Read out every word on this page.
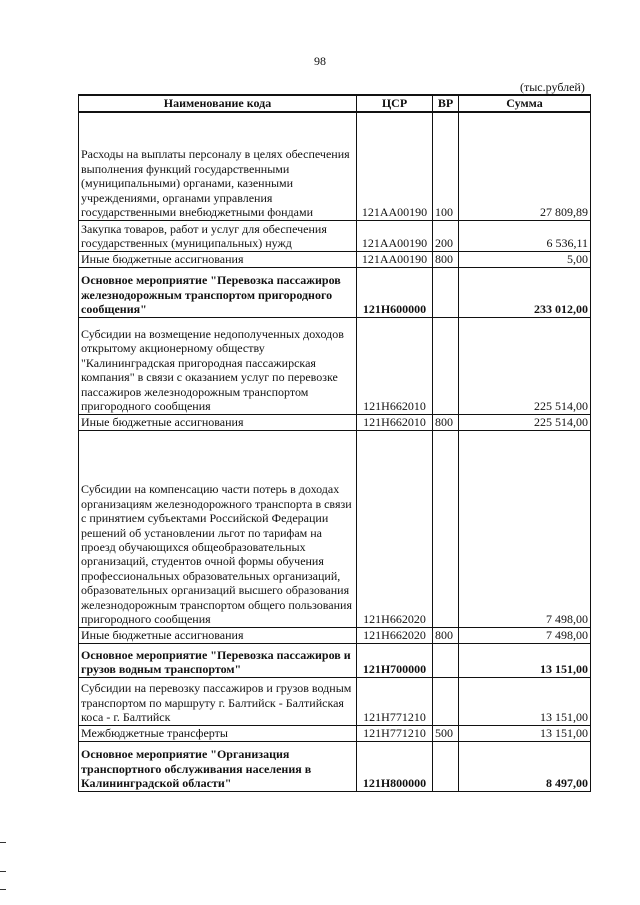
98
(тыс.рублей)
Наименование кода	ЦСР	ВР	Сумма
Расходы на выплаты персоналу в целях обеспечения выполнения функций государственными (муниципальными) органами, казенными учреждениями, органами управления государственными внебюджетными фондами	121АА00190	100	27 809,89
Закупка товаров, работ и услуг для обеспечения государственных (муниципальных) нужд	121АА00190	200	6 536,11
Иные бюджетные ассигнования	121АА00190	800	5,00
Основное мероприятие "Перевозка пассажиров железнодорожным транспортом пригородного сообщения"	121Н600000		233 012,00
Субсидии на возмещение недополученных доходов открытому акционерному обществу "Калининградская пригородная пассажирская компания" в связи с оказанием услуг по перевозке пассажиров железнодорожным транспортом пригородного сообщения	121Н662010		225 514,00
Иные бюджетные ассигнования	121Н662010	800	225 514,00
Субсидии на компенсацию части потерь в доходах организациям железнодорожного транспорта в связи с принятием субъектами Российской Федерации решений об установлении льгот по тарифам на проезд обучающихся общеобразовательных организаций, студентов очной формы обучения профессиональных образовательных организаций, образовательных организаций высшего образования железнодорожным транспортом общего пользования пригородного сообщения	121Н662020		7 498,00
Иные бюджетные ассигнования	121Н662020	800	7 498,00
Основное мероприятие "Перевозка пассажиров и грузов водным транспортом"	121Н700000		13 151,00
Субсидии на перевозку пассажиров и грузов водным транспортом по маршруту г. Балтийск - Балтийская коса - г. Балтийск	121Н771210		13 151,00
Межбюджетные трансферты	121Н771210	500	13 151,00
Основное мероприятие "Организация транспортного обслуживания населения в Калининградской области"	121Н800000		8 497,00
